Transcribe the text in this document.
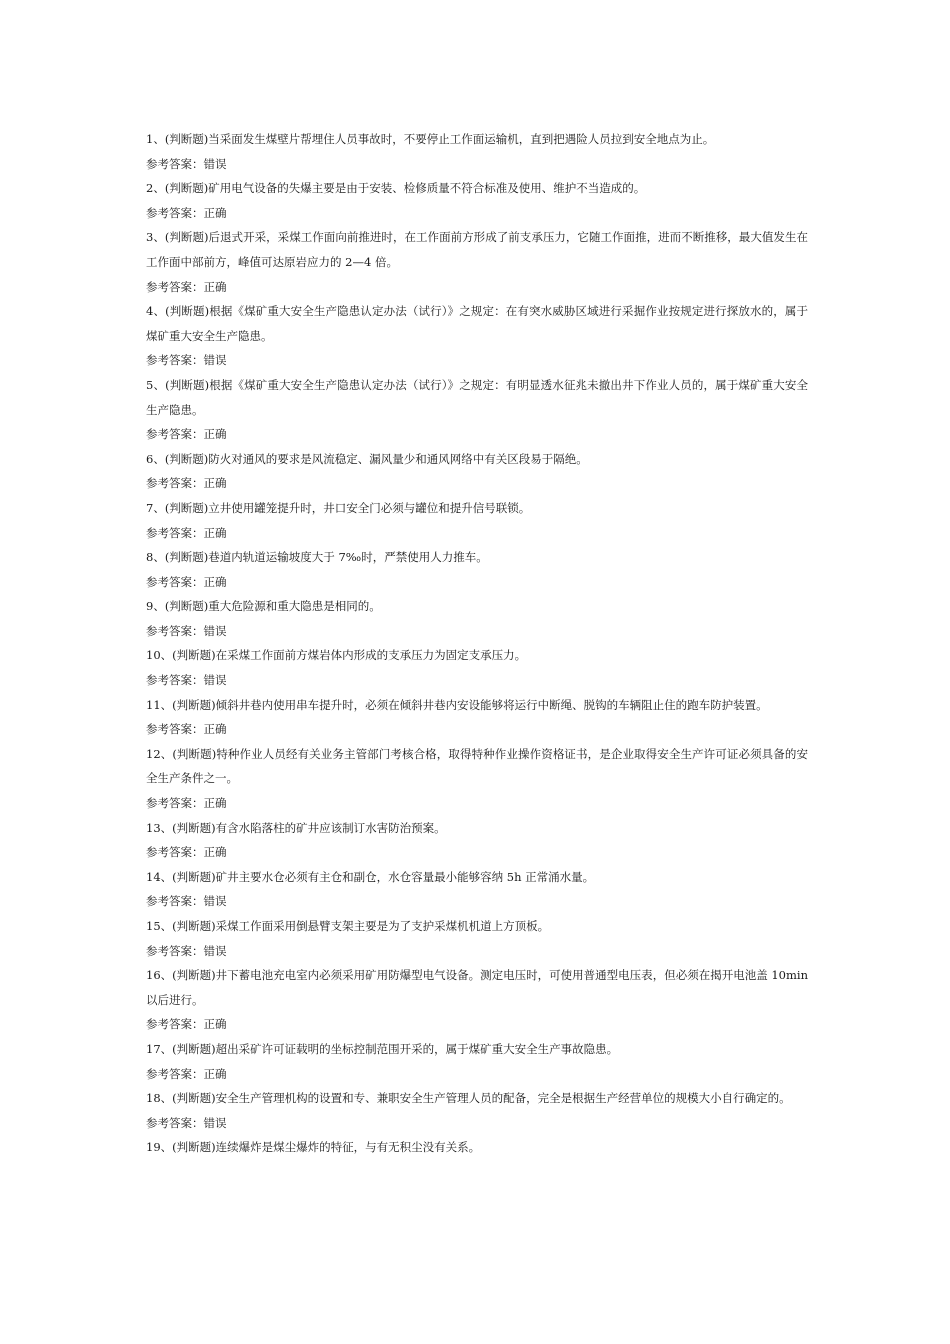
1、(判断题)当采面发生煤壁片帮埋住人员事故时，不要停止工作面运输机，直到把遇险人员拉到安全地点为止。

参考答案：错误

2、(判断题)矿用电气设备的失爆主要是由于安装、检修质量不符合标准及使用、维护不当造成的。

参考答案：正确

3、(判断题)后退式开采，采煤工作面向前推进时，在工作面前方形成了前支承压力，它随工作面推，进而不断推移，最大值发生在工作面中部前方，峰值可达原岩应力的 2—4 倍。

参考答案：正确

4、(判断题)根据《煤矿重大安全生产隐患认定办法（试行）》之规定：在有突水威胁区域进行采掘作业按规定进行探放水的，属于煤矿重大安全生产隐患。

参考答案：错误

5、(判断题)根据《煤矿重大安全生产隐患认定办法（试行）》之规定：有明显透水征兆未撤出井下作业人员的，属于煤矿重大安全生产隐患。

参考答案：正确

6、(判断题)防火对通风的要求是风流稳定、漏风量少和通风网络中有关区段易于隔绝。

参考答案：正确

7、(判断题)立井使用罐笼提升时，井口安全门必须与罐位和提升信号联锁。

参考答案：正确

8、(判断题)巷道内轨道运输坡度大于 7‰时，严禁使用人力推车。

参考答案：正确

9、(判断题)重大危险源和重大隐患是相同的。

参考答案：错误

10、(判断题)在采煤工作面前方煤岩体内形成的支承压力为固定支承压力。

参考答案：错误

11、(判断题)倾斜井巷内使用串车提升时，必须在倾斜井巷内安设能够将运行中断绳、脱钩的车辆阻止住的跑车防护装置。

参考答案：正确

12、(判断题)特种作业人员经有关业务主管部门考核合格，取得特种作业操作资格证书，是企业取得安全生产许可证必须具备的安全生产条件之一。

参考答案：正确

13、(判断题)有含水陷落柱的矿井应该制订水害防治预案。

参考答案：正确

14、(判断题)矿井主要水仓必须有主仓和副仓，水仓容量最小能够容纳 5h 正常涌水量。

参考答案：错误

15、(判断题)采煤工作面采用倒悬臂支架主要是为了支护采煤机机道上方顶板。

参考答案：错误

16、(判断题)井下蓄电池充电室内必须采用矿用防爆型电气设备。测定电压时，可使用普通型电压表，但必须在揭开电池盖 10min 以后进行。

参考答案：正确

17、(判断题)超出采矿许可证载明的坐标控制范围开采的，属于煤矿重大安全生产事故隐患。

参考答案：正确

18、(判断题)安全生产管理机构的设置和专、兼职安全生产管理人员的配备，完全是根据生产经营单位的规模大小自行确定的。

参考答案：错误

19、(判断题)连续爆炸是煤尘爆炸的特征，与有无积尘没有关系。
